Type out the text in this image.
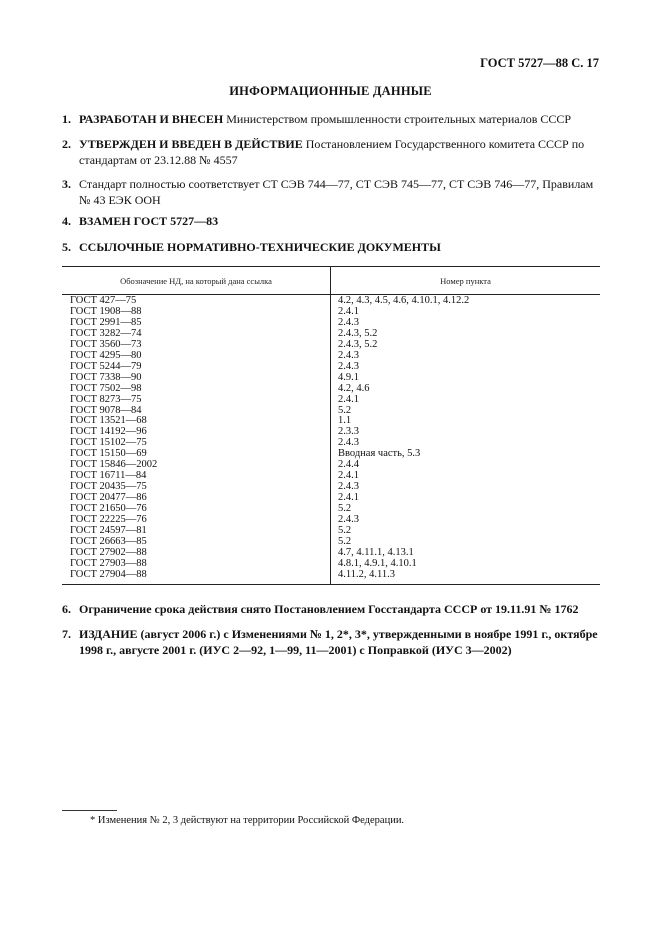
ГОСТ 5727—88 С. 17
ИНФОРМАЦИОННЫЕ ДАННЫЕ
1. РАЗРАБОТАН И ВНЕСЕН Министерством промышленности строительных материалов СССР
2. УТВЕРЖДЕН И ВВЕДЕН В ДЕЙСТВИЕ Постановлением Государственного комитета СССР по стандартам от 23.12.88 № 4557
3. Стандарт полностью соответствует СТ СЭВ 744—77, СТ СЭВ 745—77, СТ СЭВ 746—77, Правилам № 43 ЕЭК ООН
4. ВЗАМЕН ГОСТ 5727—83
5. ССЫЛОЧНЫЕ НОРМАТИВНО-ТЕХНИЧЕСКИЕ ДОКУМЕНТЫ
Обозначение НД, на который дана ссылка	Номер пункта
ГОСТ 427—75
ГОСТ 1908—88
ГОСТ 2991—85
ГОСТ 3282—74
ГОСТ 3560—73
ГОСТ 4295—80
ГОСТ 5244—79
ГОСТ 7338—90
ГОСТ 7502—98
ГОСТ 8273—75
ГОСТ 9078—84
ГОСТ 13521—68
ГОСТ 14192—96
ГОСТ 15102—75
ГОСТ 15150—69
ГОСТ 15846—2002
ГОСТ 16711—84
ГОСТ 20435—75
ГОСТ 20477—86
ГОСТ 21650—76
ГОСТ 22225—76
ГОСТ 24597—81
ГОСТ 26663—85
ГОСТ 27902—88
ГОСТ 27903—88
ГОСТ 27904—88
4.2, 4.3, 4.5, 4.6, 4.10.1, 4.12.2
2.4.1
2.4.3
2.4.3, 5.2
2.4.3, 5.2
2.4.3
2.4.3
4.9.1
4.2, 4.6
2.4.1
5.2
1.1
2.3.3
2.4.3
Вводная часть, 5.3
2.4.4
2.4.1
2.4.3
2.4.1
5.2
2.4.3
5.2
5.2
4.7, 4.11.1, 4.13.1
4.8.1, 4.9.1, 4.10.1
4.11.2, 4.11.3
6. Ограничение срока действия снято Постановлением Госстандарта СССР от 19.11.91 № 1762
7. ИЗДАНИЕ (август 2006 г.) с Изменениями № 1, 2*, 3*, утвержденными в ноябре 1991 г., октябре 1998 г., августе 2001 г. (ИУС 2—92, 1—99, 11—2001) с Поправкой (ИУС 3—2002)
* Изменения № 2, 3 действуют на территории Российской Федерации.
